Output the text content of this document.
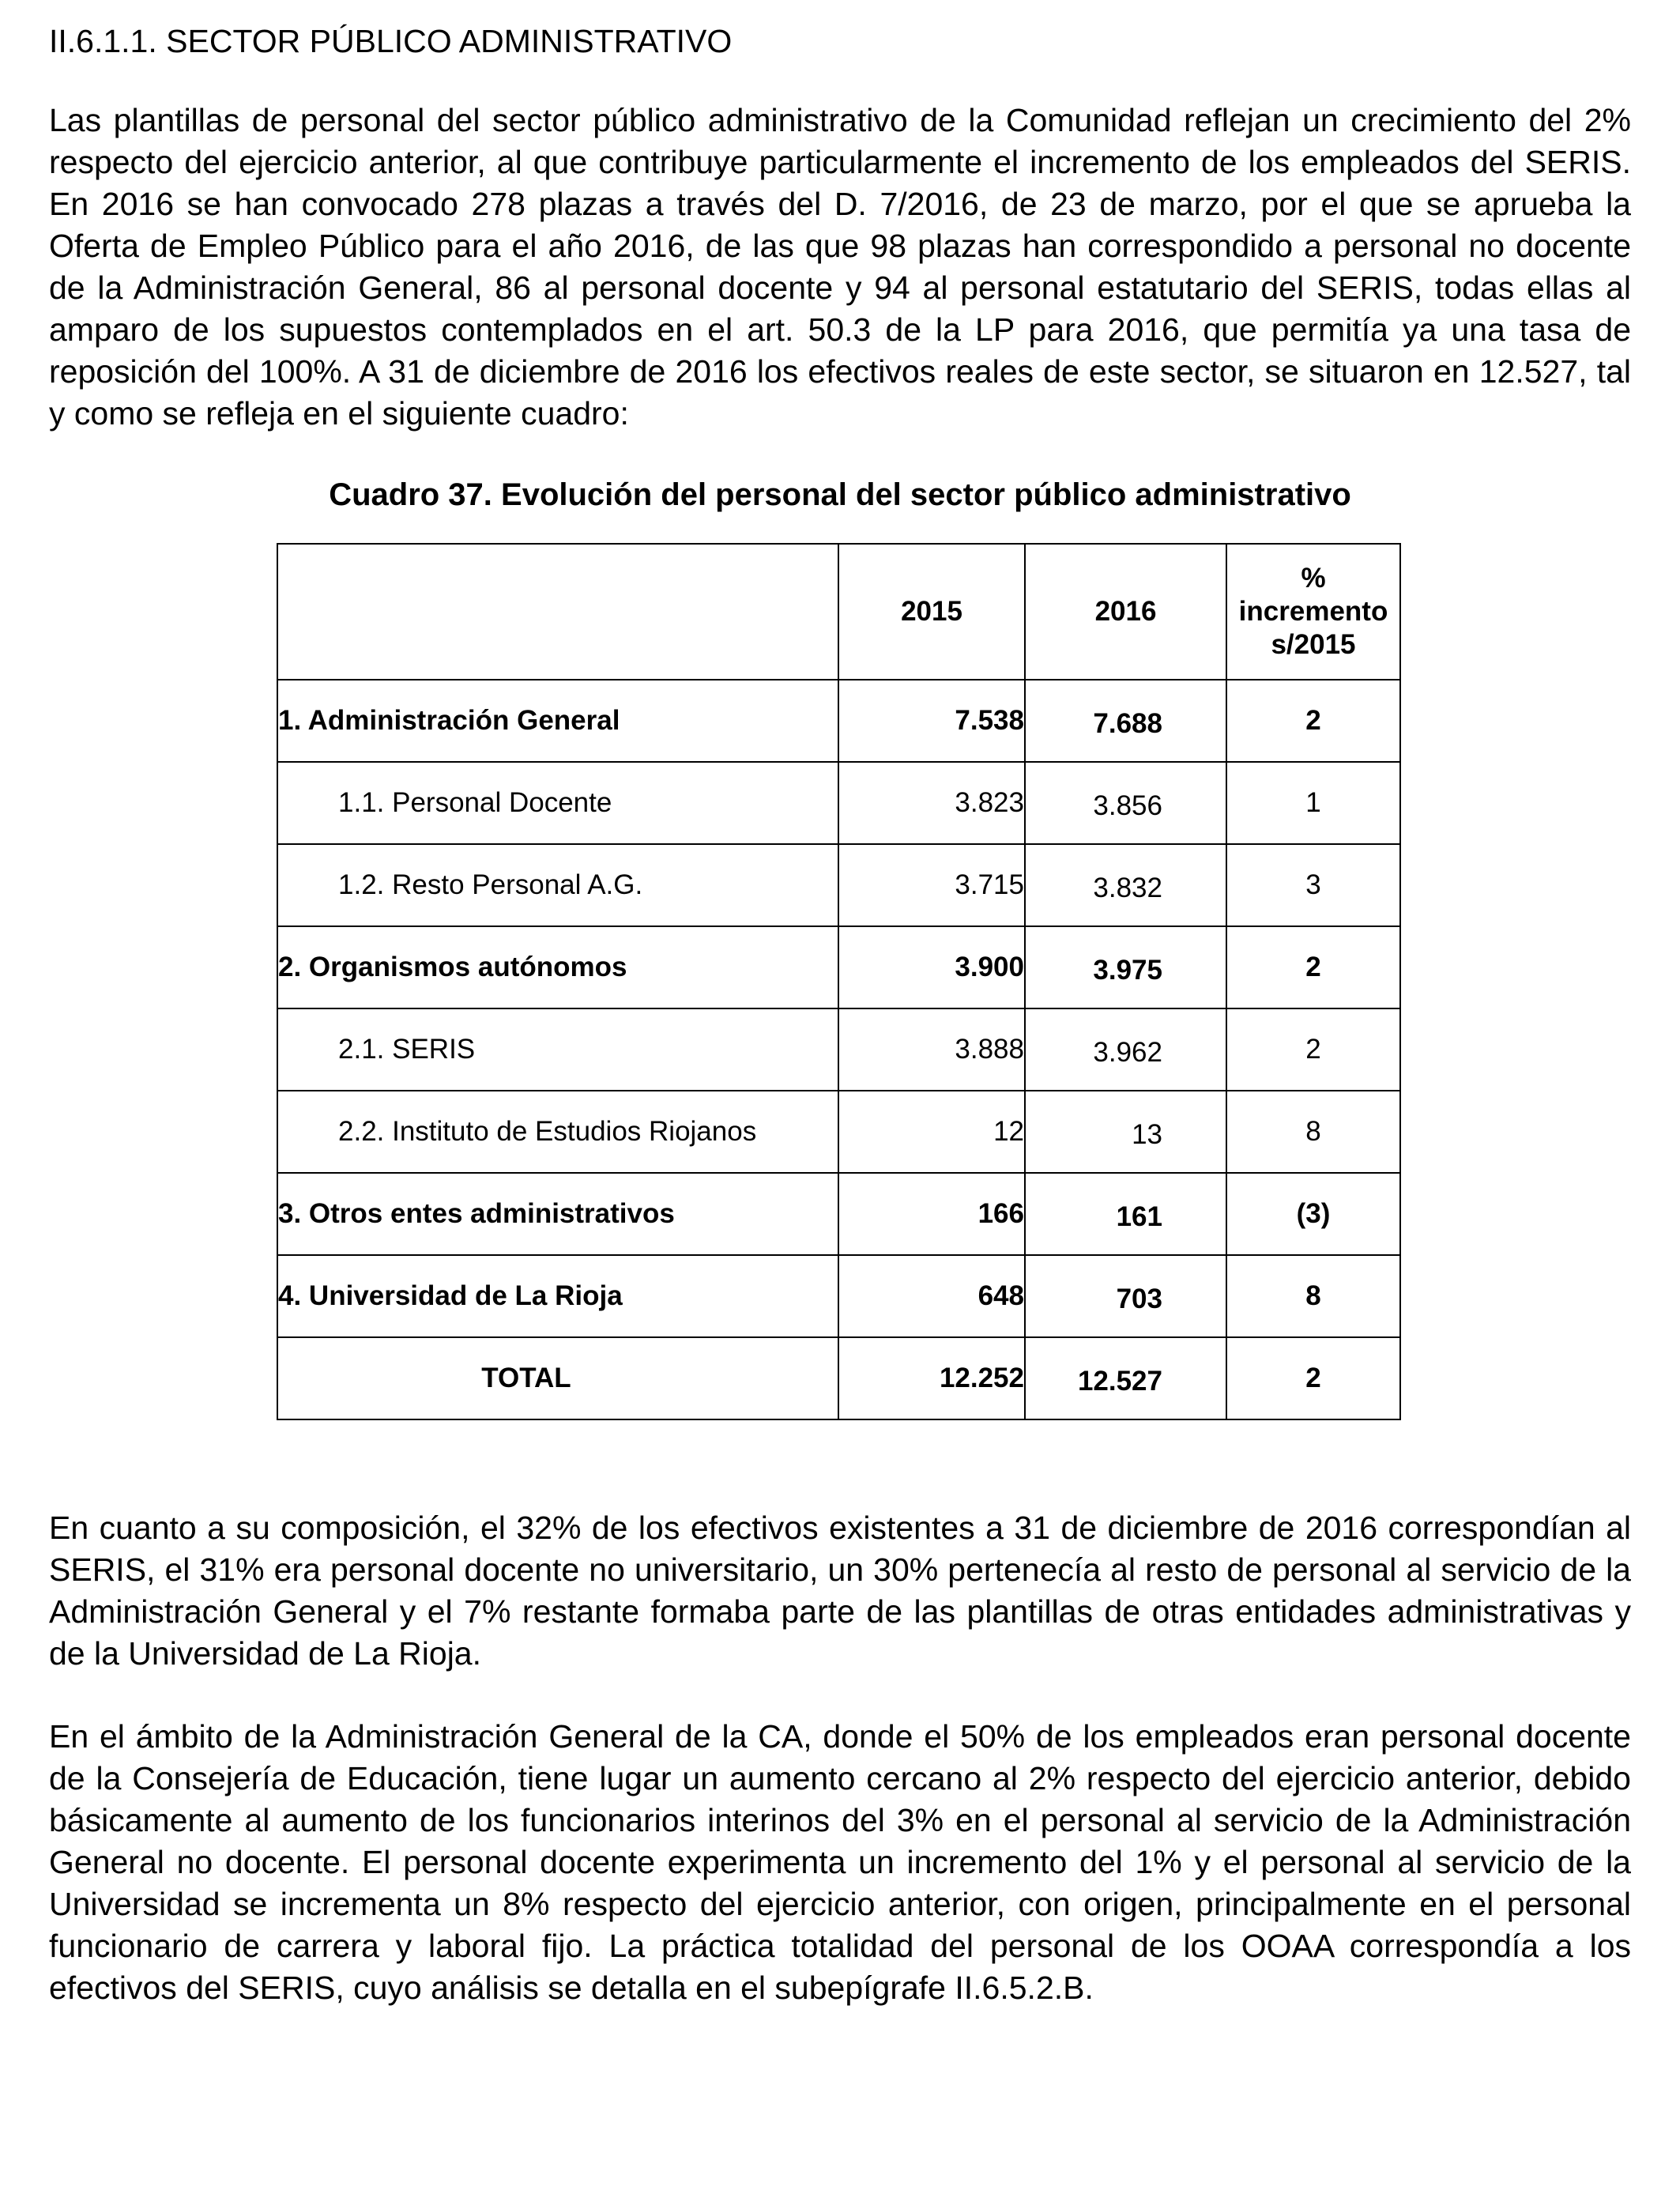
II.6.1.1. SECTOR PÚBLICO ADMINISTRATIVO

Las plantillas de personal del sector público administrativo de la Comunidad reflejan un crecimiento del 2% respecto del ejercicio anterior, al que contribuye particularmente el incremento de los empleados del SERIS. En 2016 se han convocado 278 plazas a través del D. 7/2016, de 23 de marzo, por el que se aprueba la Oferta de Empleo Público para el año 2016, de las que 98 plazas han correspondido a personal no docente de la Administración General, 86 al personal docente y 94 al personal estatutario del SERIS, todas ellas al amparo de los supuestos contemplados en el art. 50.3 de la LP para 2016, que permitía ya una tasa de reposición del 100%. A 31 de diciembre de 2016 los efectivos reales de este sector, se situaron en 12.527, tal y como se refleja en el siguiente cuadro:

Cuadro 37. Evolución del personal del sector público administrativo
	2015	2016	%
incremento
s/2015

1. Administración General	7.538	7.688	2
1.1. Personal Docente	3.823	3.856	1
1.2. Resto Personal A.G.	3.715	3.832	3
2. Organismos autónomos	3.900	3.975	2
2.1. SERIS	3.888	3.962	2
2.2. Instituto de Estudios Riojanos	12	13	8
3. Otros entes administrativos	166	161	(3)
4. Universidad de La Rioja	648	703	8
TOTAL	12.252	12.527	2

En cuanto a su composición, el 32% de los efectivos existentes a 31 de diciembre de 2016 correspondían al SERIS, el 31% era personal docente no universitario, un 30% pertenecía al resto de personal al servicio de la Administración General y el 7% restante formaba parte de las plantillas de otras entidades administrativas y de la Universidad de La Rioja.

En el ámbito de la Administración General de la CA, donde el 50% de los empleados eran personal docente de la Consejería de Educación, tiene lugar un aumento cercano al 2% respecto del ejercicio anterior, debido básicamente al aumento de los funcionarios interinos del 3% en el personal al servicio de la Administración General no docente. El personal docente experimenta un incremento del 1% y el personal al servicio de la Universidad se incrementa un 8% respecto del ejercicio anterior, con origen, principalmente en el personal funcionario de carrera y laboral fijo. La práctica totalidad del personal de los OOAA correspondía a los efectivos del SERIS, cuyo análisis se detalla en el subepígrafe II.6.5.2.B.
